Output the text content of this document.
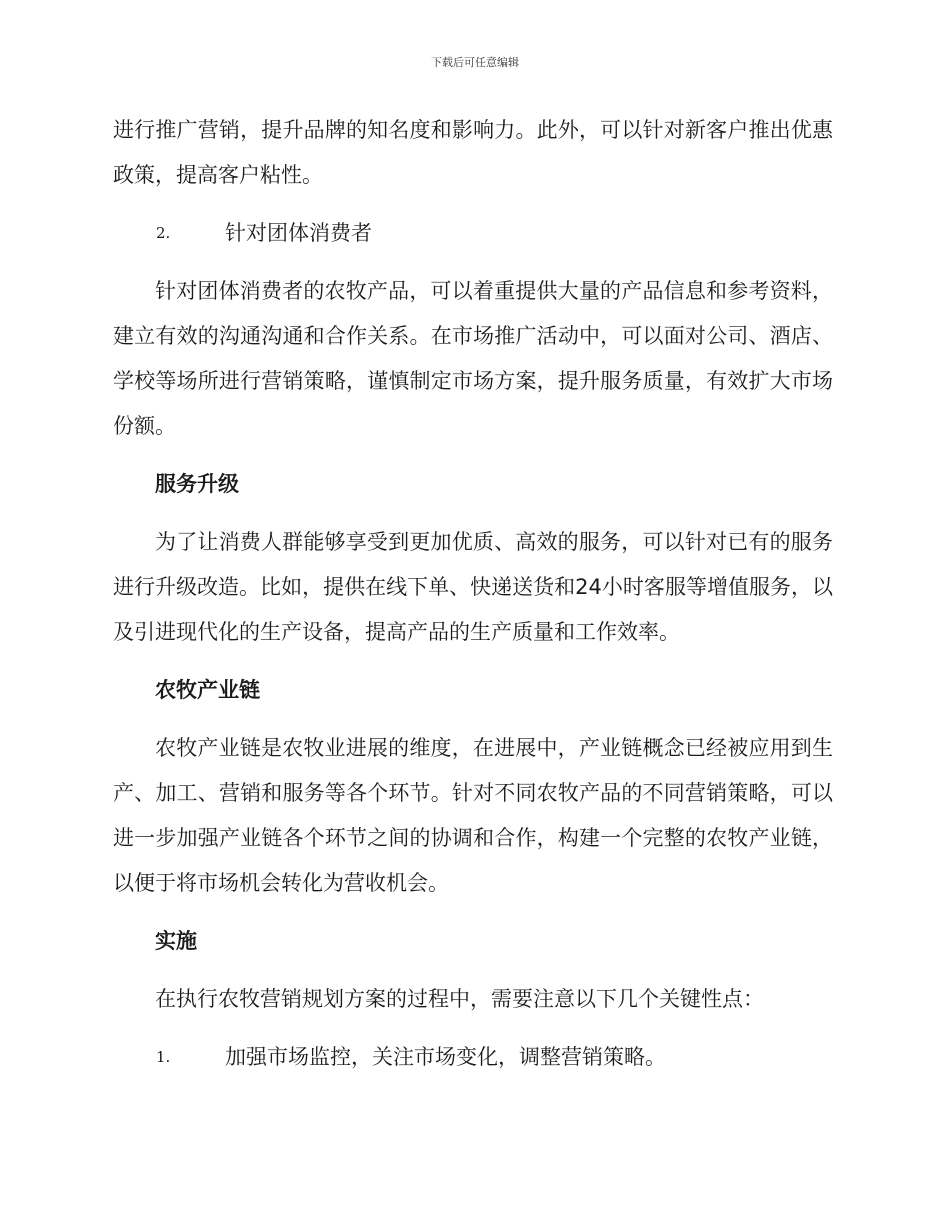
下载后可任意编辑

进行推广营销，提升品牌的知名度和影响力。此外，可以针对新客户推出优惠政策，提高客户粘性。

2.	针对团体消费者

针对团体消费者的农牧产品，可以着重提供大量的产品信息和参考资料，建立有效的沟通沟通和合作关系。在市场推广活动中，可以面对公司、酒店、学校等场所进行营销策略，谨慎制定市场方案，提升服务质量，有效扩大市场份额。

服务升级

为了让消费人群能够享受到更加优质、高效的服务，可以针对已有的服务进行升级改造。比如，提供在线下单、快递送货和24小时客服等增值服务，以及引进现代化的生产设备，提高产品的生产质量和工作效率。

农牧产业链

农牧产业链是农牧业进展的维度，在进展中，产业链概念已经被应用到生产、加工、营销和服务等各个环节。针对不同农牧产品的不同营销策略，可以进一步加强产业链各个环节之间的协调和合作，构建一个完整的农牧产业链，以便于将市场机会转化为营收机会。

实施

在执行农牧营销规划方案的过程中，需要注意以下几个关键性点：

1.	加强市场监控，关注市场变化，调整营销策略。
